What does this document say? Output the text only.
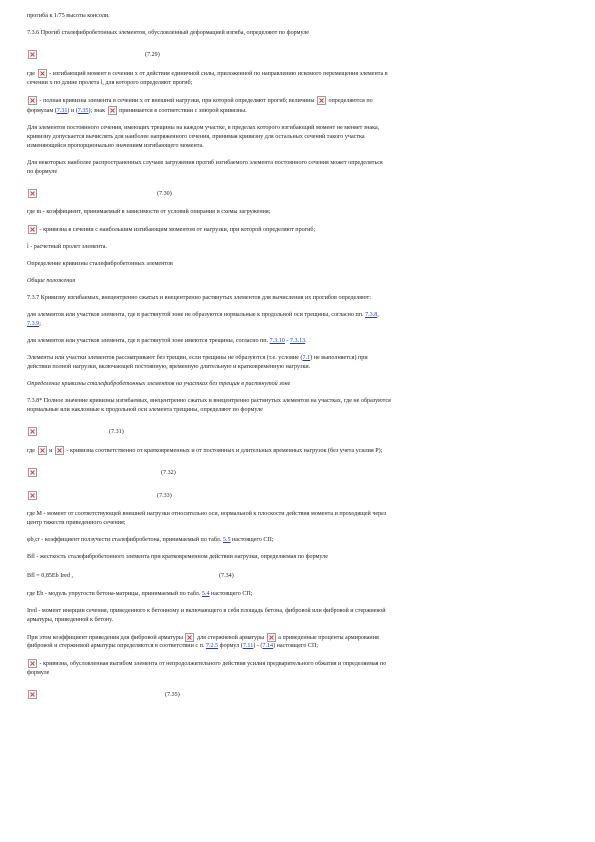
прогиба к 1/75 высоты консоли.

7.3.6 Прогиб сталефибробетонных элементов, обусловленный деформацией изгиба, определяют по формуле

(7.29)

где - изгибающий момент в сечении x от действия единичной силы, приложенной по направлению искомого перемещения элемента в
сечении x по длине пролета l, для которого определяют прогиб;

- полная кривизна элемента в сечении x от внешней нагрузки, при которой определяют прогиб; величины определяются по
формулам (7.31) и (7.35); знак принимается в соответствии с эпюрой кривизны.

Для элементов постоянного сечения, имеющих трещины на каждом участке, в пределах которого изгибающий момент не меняет знака,
кривизну допускается вычислять для наиболее напряженного сечения, принимая кривизну для остальных сечений такого участка
изменяющейся пропорционально значениям изгибающего момента.

Для некоторых наиболее распространенных случаев загружения прогиб изгибаемого элемента постоянного сечения может определяться
по формуле

(7.30)

где m - коэффициент, принимаемый в зависимости от условий опирания и схемы загружения;

- кривизна в сечении с наибольшим изгибающим моментом от нагрузки, при которой определяют прогиб;

l - расчетный пролет элемента.

Определение кривизны сталефибробетонных элементов

Общие положения

7.3.7 Кривизну изгибаемых, внецентренно сжатых и внецентренно растянутых элементов для вычисления их прогибов определяют:

для элементов или участков элемента, где в растянутой зоне не образуются нормальные к продольной оси трещины, согласно пп. 7.3.8,
7.3.9;

для элементов или участков элемента, где в растянутой зоне имеются трещины, согласно пп. 7.3.10 - 7.3.13.

Элементы или участки элементов рассматривают без трещин, если трещины не образуются (т.е. условие (7.1) не выполняется) при
действии полной нагрузки, включающей постоянную, временную длительную и кратковременную нагрузки.

Определение кривизны сталефибробетонных элементов на участках без трещин в растянутой зоне

7.3.8* Полное значение кривизны изгибаемых, внецентренно сжатых и внецентренно растянутых элементов на участках, где не образуются
нормальные или наклонные к продольной оси элемента трещины, определяют по формуле

(7.31)

где и - кривизна соответственно от кратковременных и от постоянных и длительных временных нагрузок (без учета усилия P);

(7.32)
(7.33)

где M - момент от соответствующей внешней нагрузки относительно оси, нормальной к плоскости действия момента и проходящей через
центр тяжести приведенного сечения;

φb,cr - коэффициент ползучести сталефибробетона, принимаемый по табл. 5.5 настоящего СП;

Bfl - жесткость сталефибробетонного элемента при кратковременном действии нагрузки, определяемая по формуле

Bfl = 0,85Eb Ired ,	(7.34)

где Eb - модуль упругости бетона-матрицы, принимаемый по табл. 5.4 настоящего СП;

Ired - момент инерции сечения, приведенного к бетонному и включающего в себя площадь бетона, фибровой или фибровой и стержневой
арматуры, приведенной к бетону.

При этом коэффициент приведения для фибровой арматуры для стержневой арматуры а приведенные проценты армирования
фибровой и стержневой арматуры определяются в соответствии с п. 7.2.5 формул (7.11) - (7.14) настоящего СП;

- кривизна, обусловленная выгибом элемента от непродолжительного действия усилия предварительного обжатия и определяемая по
формуле

(7.35)
